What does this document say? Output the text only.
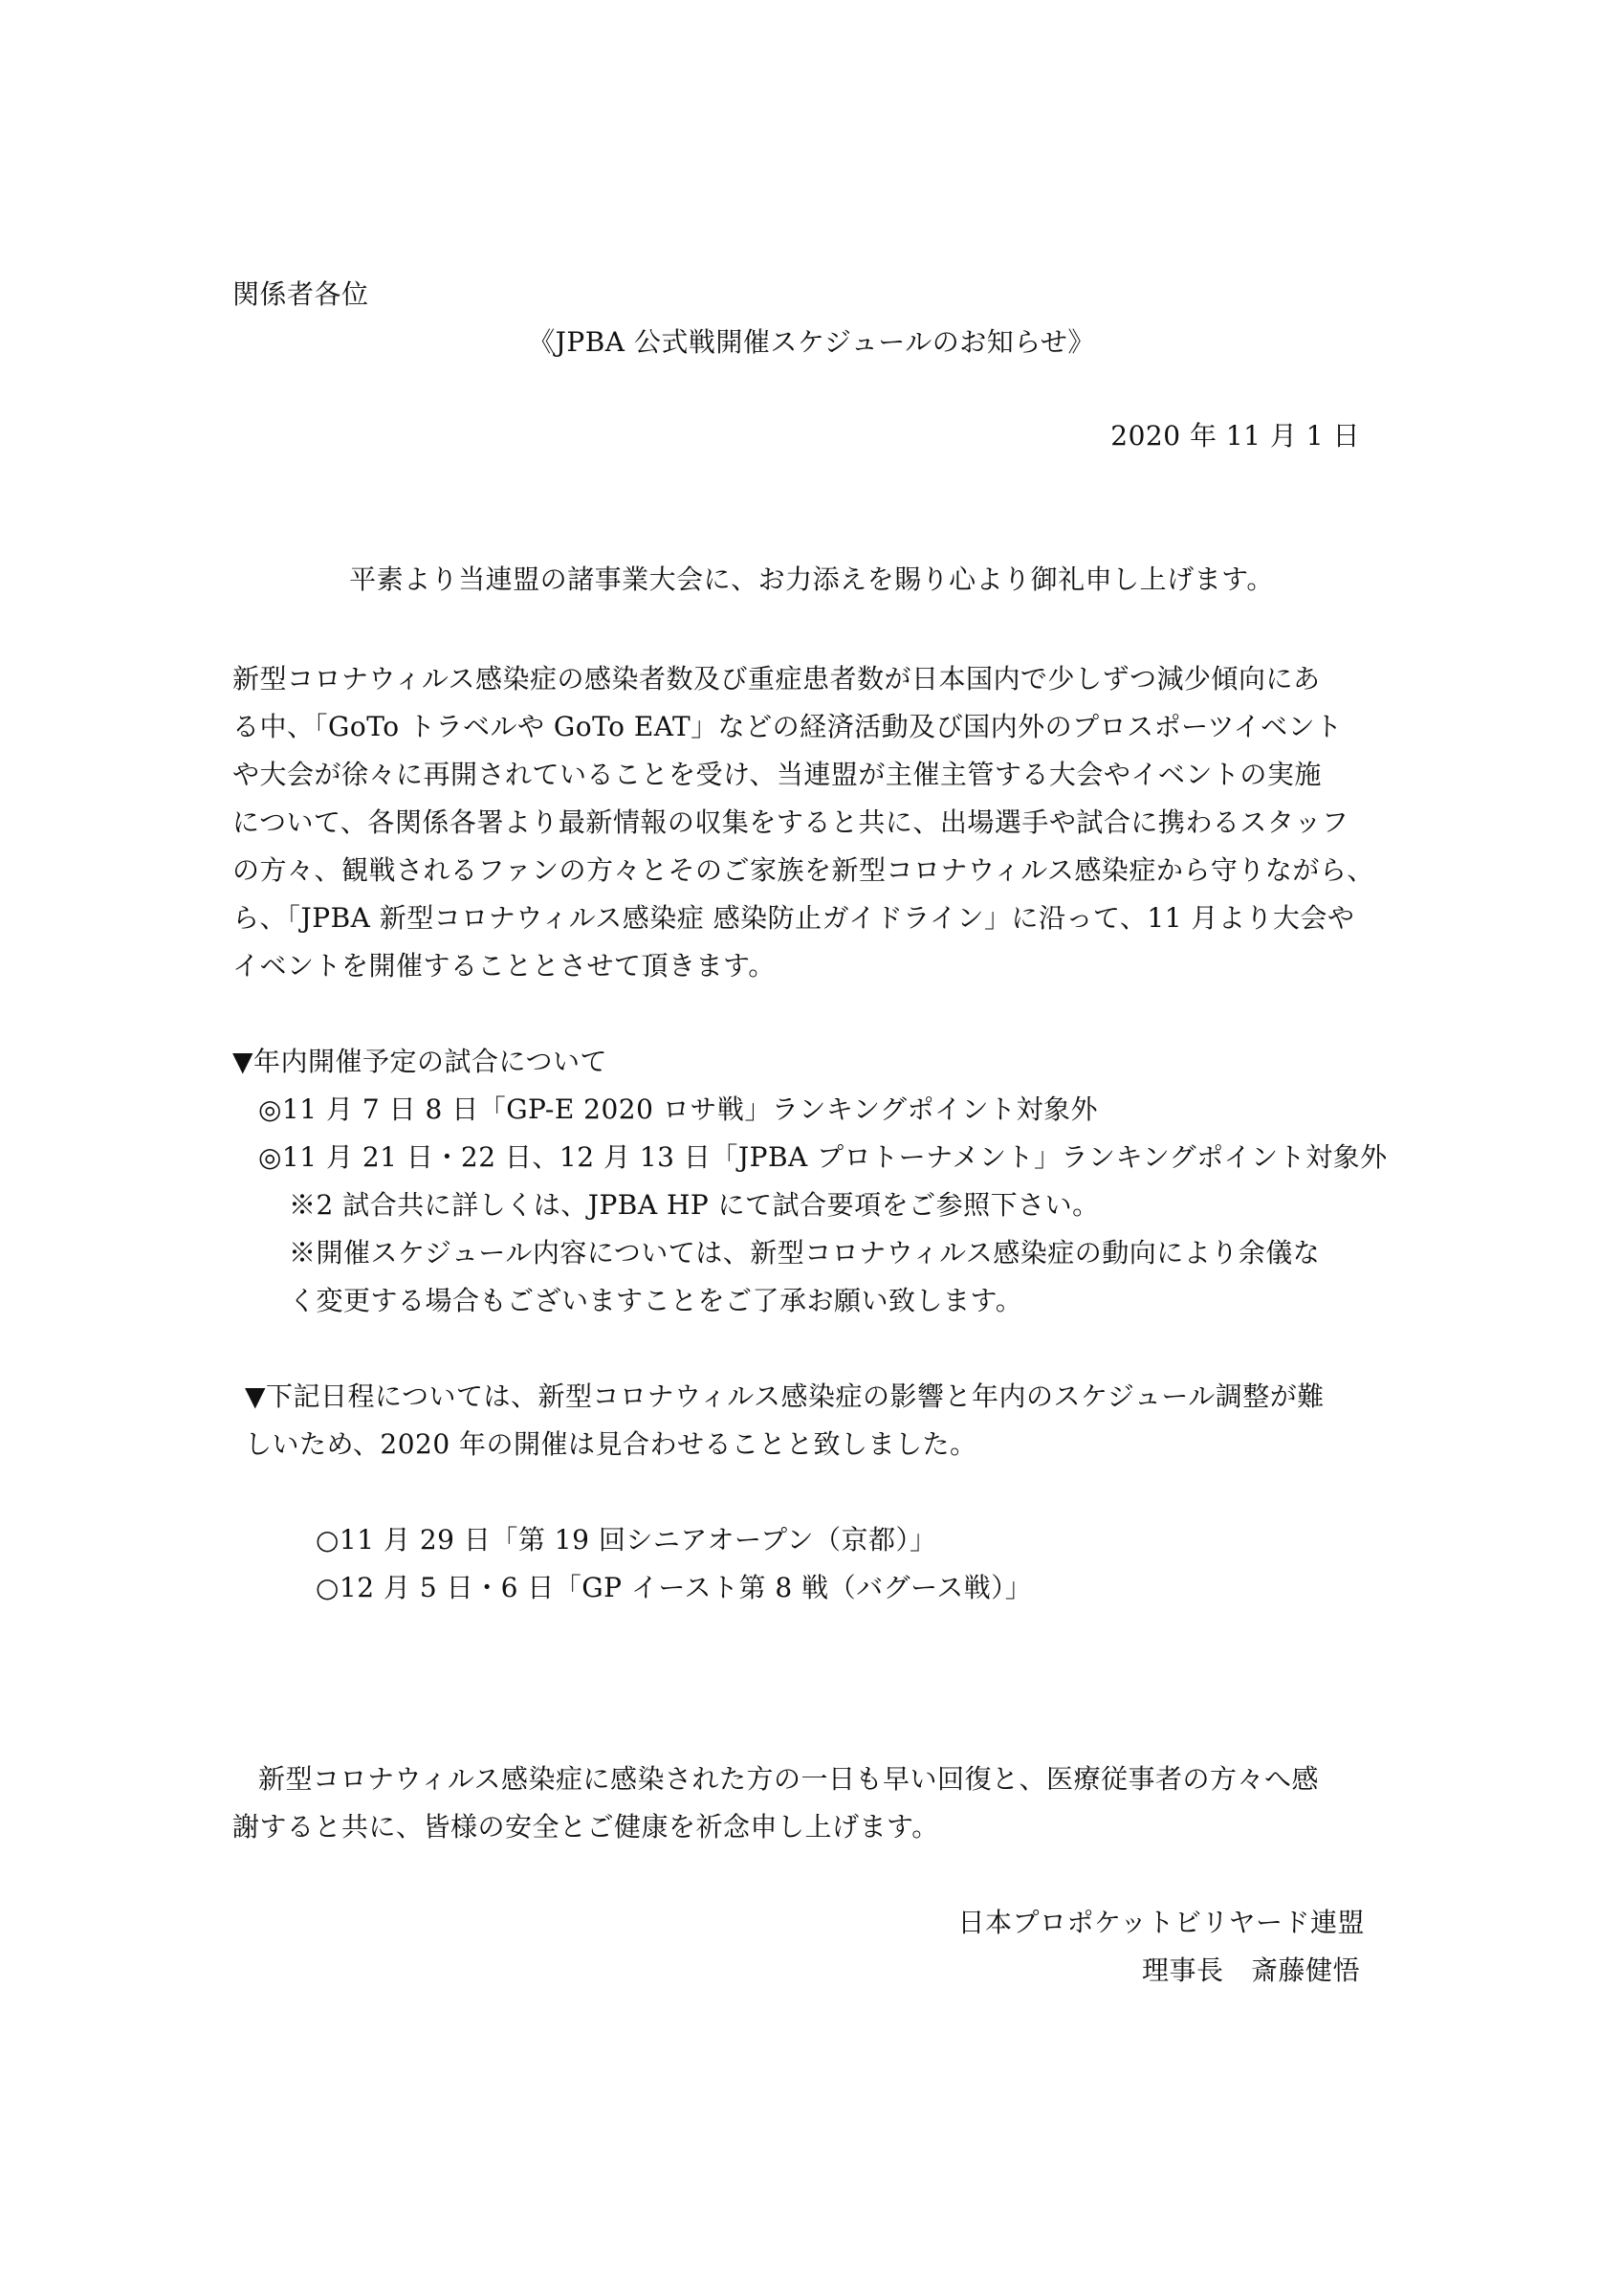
関係者各位
《JPBA 公式戦開催スケジュールのお知らせ》
2020 年 11 月 1 日
平素より当連盟の諸事業大会に、お力添えを賜り心より御礼申し上げます。
新型コロナウィルス感染症の感染者数及び重症患者数が日本国内で少しずつ減少傾向にあ
る中、「GoTo トラベルや GoTo EAT」などの経済活動及び国内外のプロスポーツイベント
や大会が徐々に再開されていることを受け、当連盟が主催主管する大会やイベントの実施
について、各関係各署より最新情報の収集をすると共に、出場選手や試合に携わるスタッフ
の方々、観戦されるファンの方々とそのご家族を新型コロナウィルス感染症から守りながら、
ら、「JPBA 新型コロナウィルス感染症 感染防止ガイドライン」に沿って、11 月より大会や
イベントを開催することとさせて頂きます。
▼年内開催予定の試合について
◎11 月 7 日 8 日「GP-E 2020 ロサ戦」ランキングポイント対象外
◎11 月 21 日・22 日、12 月 13 日「JPBA プロトーナメント」ランキングポイント対象外
※2 試合共に詳しくは、JPBA HP にて試合要項をご参照下さい。
※開催スケジュール内容については、新型コロナウィルス感染症の動向により余儀な
く変更する場合もございますことをご了承お願い致します。
▼下記日程については、新型コロナウィルス感染症の影響と年内のスケジュール調整が難
しいため、2020 年の開催は見合わせることと致しました。
○11 月 29 日「第 19 回シニアオープン（京都）」
○12 月 5 日・6 日「GP イースト第 8 戦（バグース戦）」
新型コロナウィルス感染症に感染された方の一日も早い回復と、医療従事者の方々へ感
謝すると共に、皆様の安全とご健康を祈念申し上げます。
日本プロポケットビリヤード連盟
理事長　斎藤健悟
